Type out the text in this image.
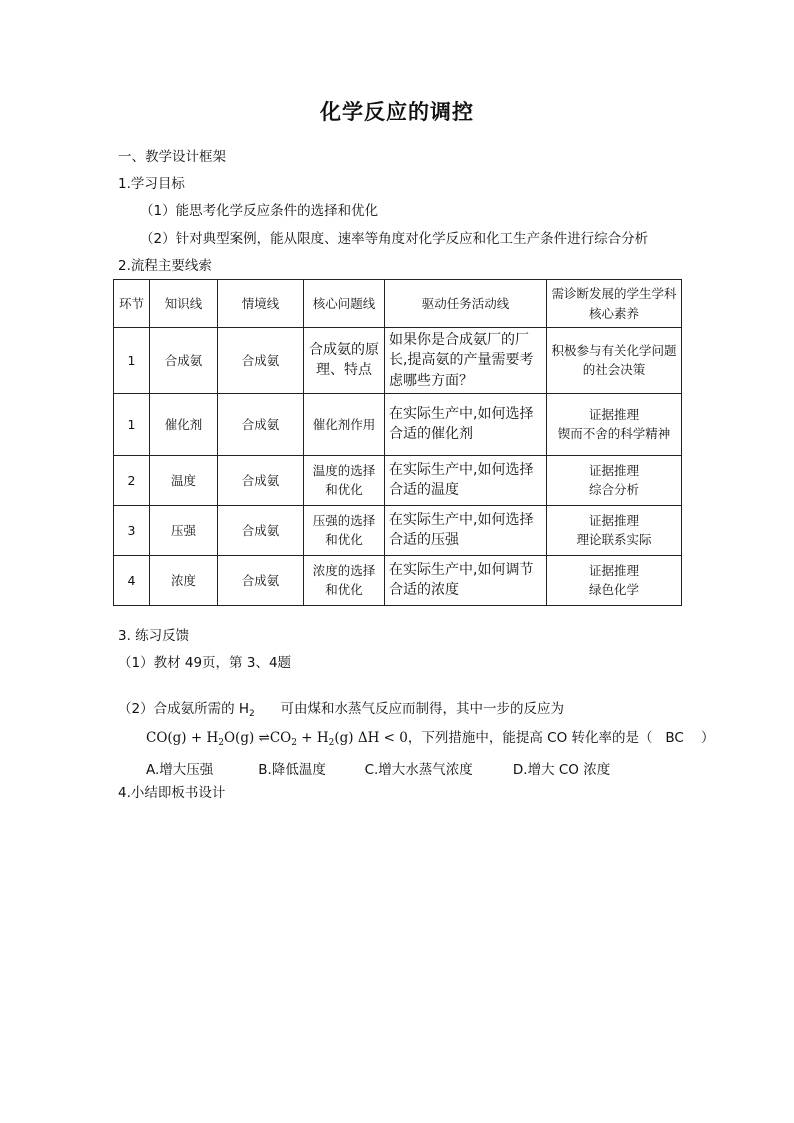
化学反应的调控
一、教学设计框架
1.学习目标
（1）能思考化学反应条件的选择和优化
（2）针对典型案例，能从限度、速率等角度对化学反应和化工生产条件进行综合分析
2.流程主要线索
环节	知识线	情境线	核心问题线	驱动任务活动线	需诊断发展的学生学科核心素养
1	合成氨	合成氨	合成氨的原理、特点	如果你是合成氨厂的厂长,提高氨的产量需要考虑哪些方面？	积极参与有关化学问题的社会决策
1	催化剂	合成氨	催化剂作用	在实际生产中,如何选择合适的催化剂	证据推理
锲而不舍的科学精神
2	温度	合成氨	温度的选择和优化	在实际生产中,如何选择合适的温度	证据推理
综合分析
3	压强	合成氨	压强的选择和优化	在实际生产中,如何选择合适的压强	证据推理
理论联系实际
4	浓度	合成氨	浓度的选择和优化	在实际生产中,如何调节合适的浓度	证据推理
绿色化学
3. 练习反馈
（1）教材 49页，第 3、4题
（2）合成氨所需的 $H_2$      可由煤和水蒸气反应而制得，其中一步的反应为
$CO(g) + H_2O(g)$ $\rightleftharpoons CO_2 + H_2(g) \Delta H < 0$，下列措施中，能提高 CO 转化率的是（   BC    ）
A.增大压强	B.降低温度	C.增大水蒸气浓度	D.增大 CO 浓度
4.小结即板书设计
